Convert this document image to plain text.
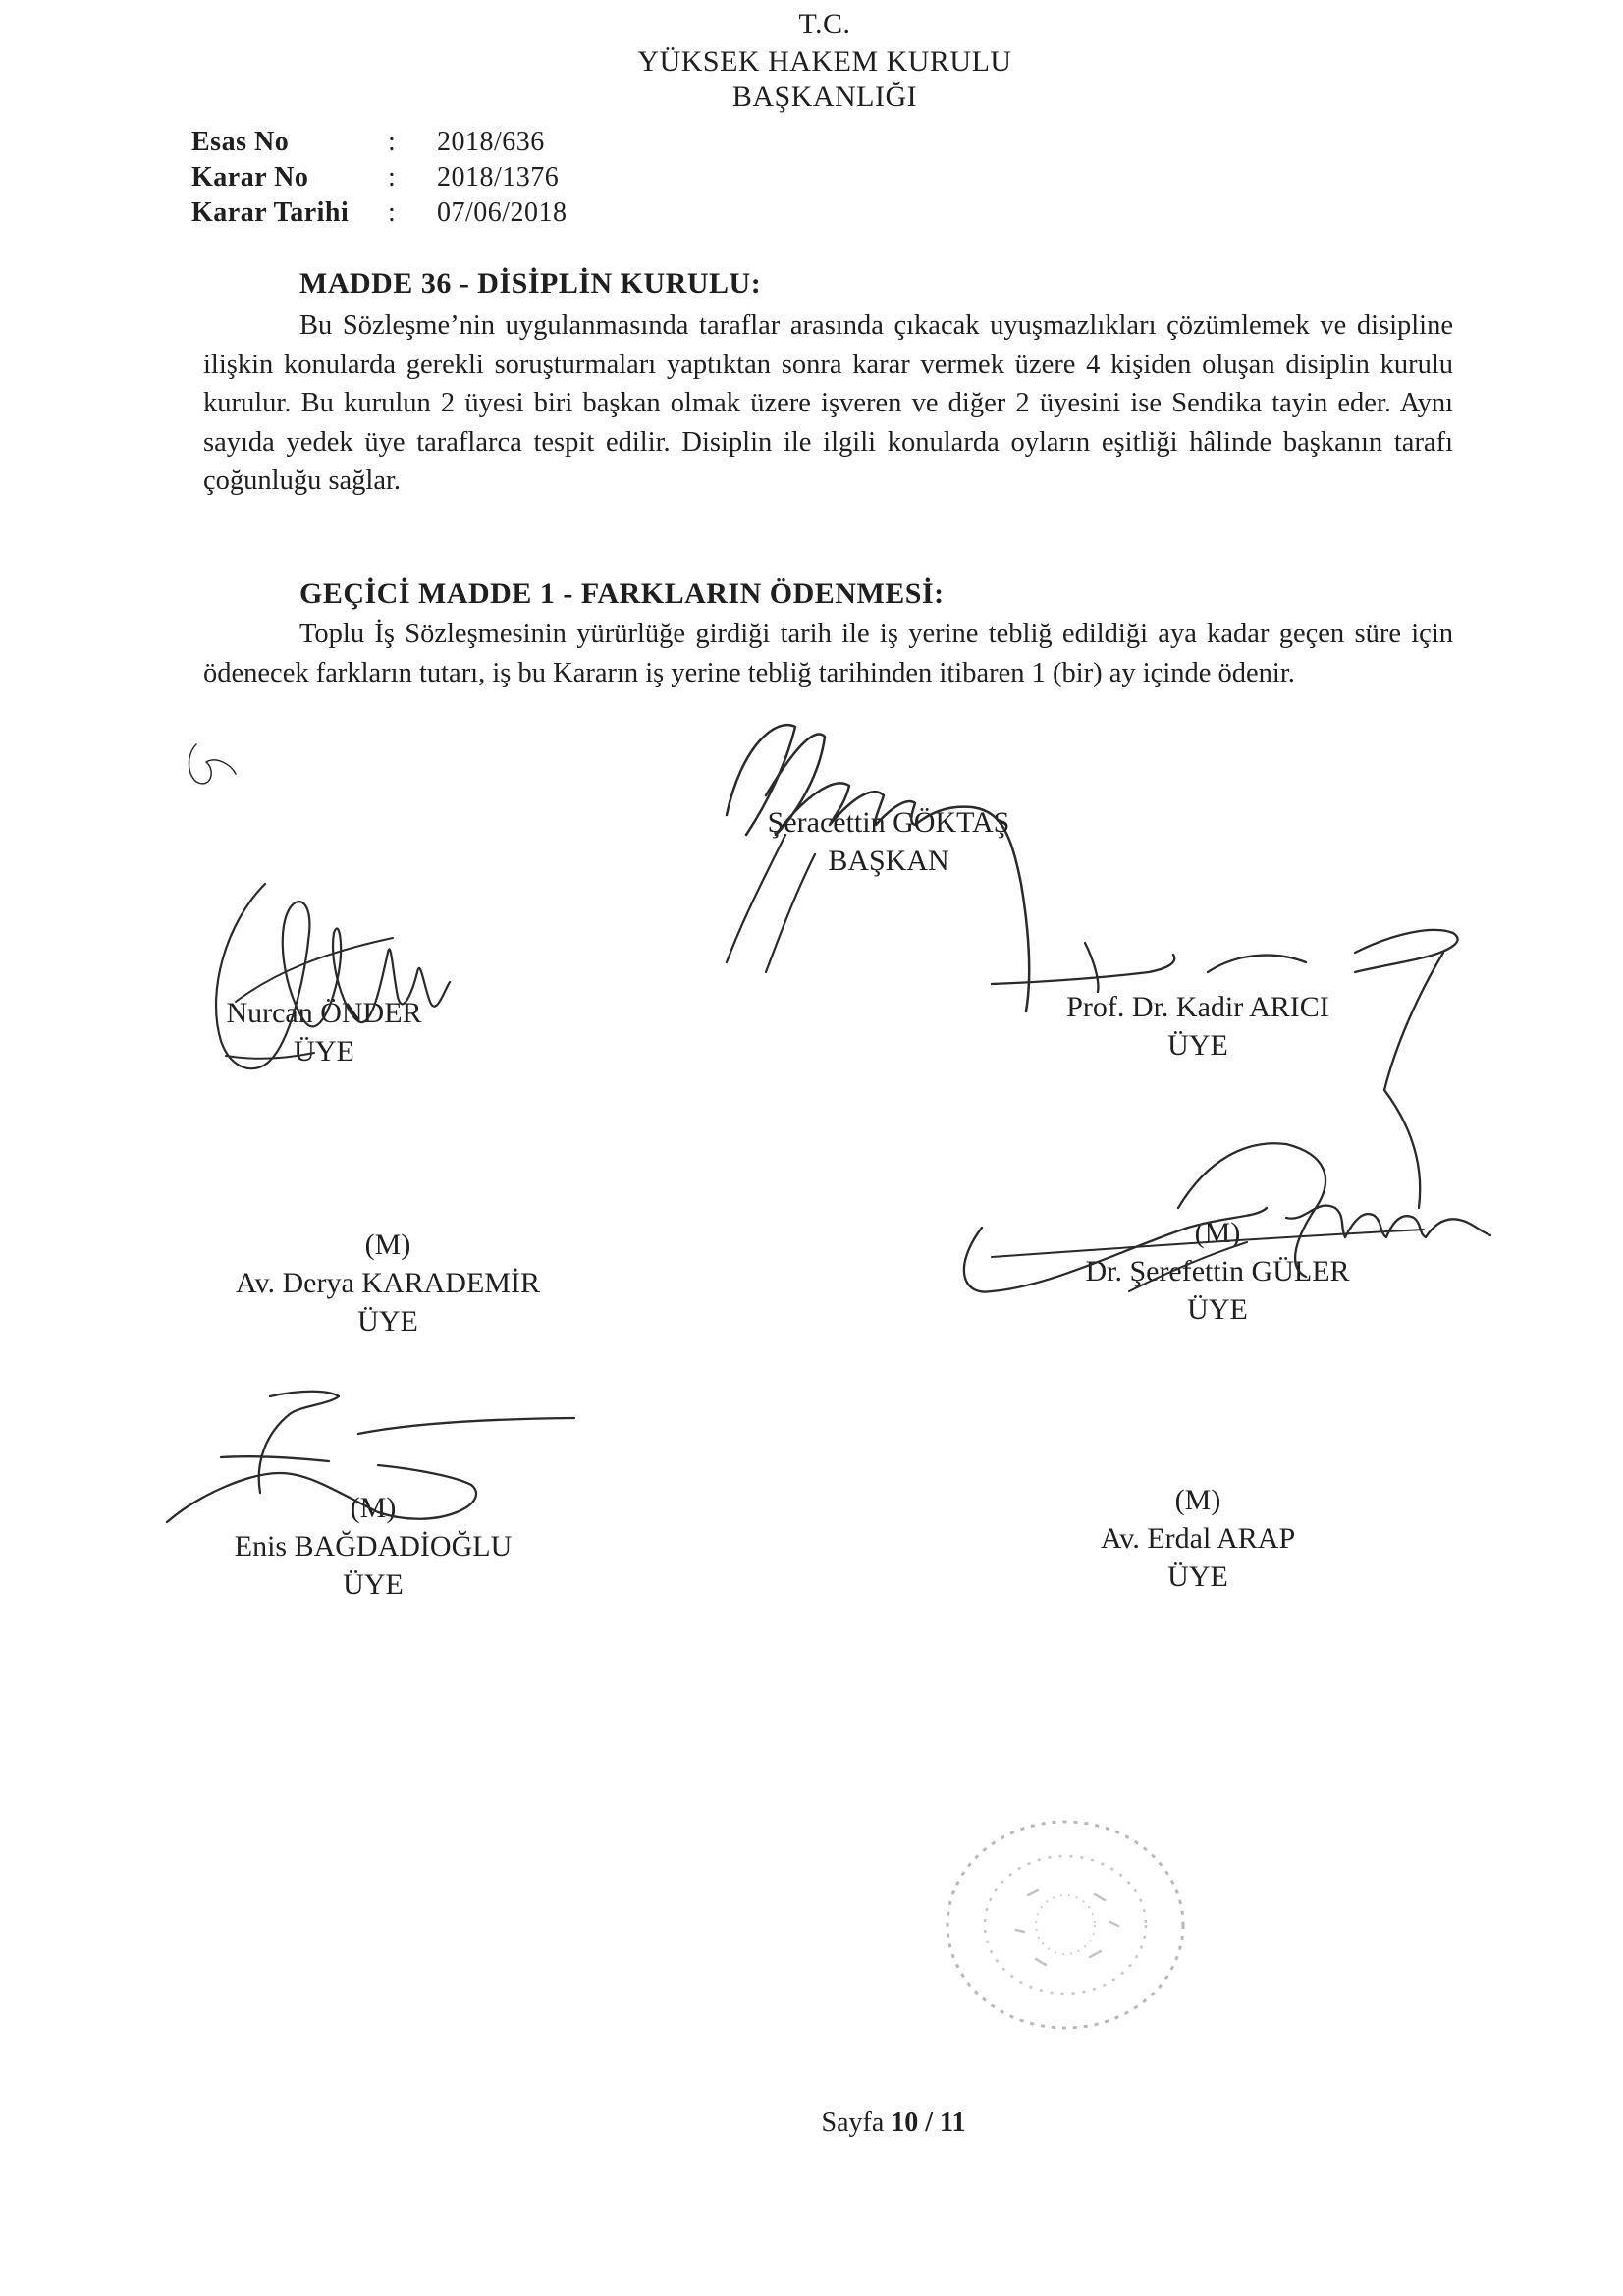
T.C.
YÜKSEK HAKEM KURULU
BAŞKANLIĞI
Esas No	: 2018/636
Karar No	: 2018/1376
Karar Tarihi : 07/06/2018
MADDE 36 - DİSİPLİN KURULU:
Bu Sözleşme’nin uygulanmasında taraflar arasında çıkacak uyuşmazlıkları çözümlemek ve disipline ilişkin konularda gerekli soruşturmaları yaptıktan sonra karar vermek üzere 4 kişiden oluşan disiplin kurulu kurulur. Bu kurulun 2 üyesi biri başkan olmak üzere işveren ve diğer 2 üyesini ise Sendika tayin eder. Aynı sayıda yedek üye taraflarca tespit edilir. Disiplin ile ilgili konularda oyların eşitliği hâlinde başkanın tarafı çoğunluğu sağlar.
GEÇİCİ MADDE 1 - FARKLARIN ÖDENMESİ:
Toplu İş Sözleşmesinin yürürlüğe girdiği tarih ile iş yerine tebliğ edildiği aya kadar geçen süre için ödenecek farkların tutarı, iş bu Kararın iş yerine tebliğ tarihinden itibaren 1 (bir) ay içinde ödenir.
Şeracettin GÖKTAŞ
BAŞKAN
Nurcan ÖNDER
ÜYE
Prof. Dr. Kadir ARICI
ÜYE
(M)
Av. Derya KARADEMİR
ÜYE
(M)
Dr. Şerefettin GÜLER
ÜYE
(M)
Enis BAĞDADİOĞLU
ÜYE
(M)
Av. Erdal ARAP
ÜYE
Sayfa 10 / 11
